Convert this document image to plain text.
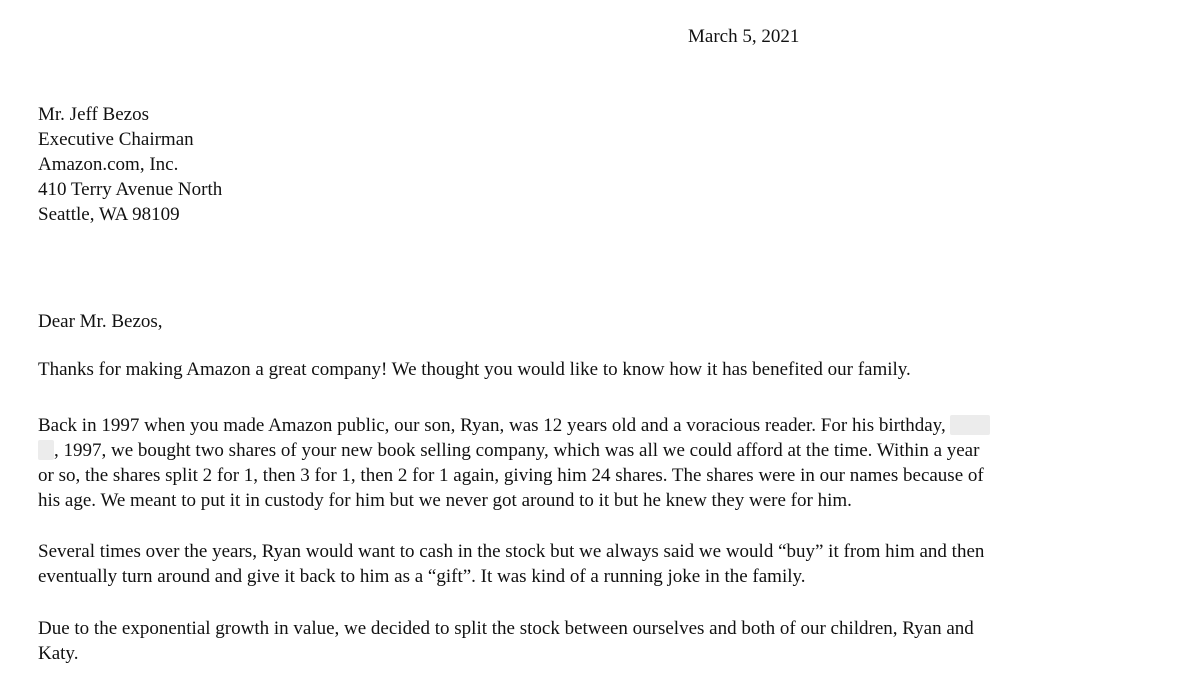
March 5, 2021
Mr. Jeff Bezos
Executive Chairman
Amazon.com, Inc.
410 Terry Avenue North
Seattle, WA 98109
Dear Mr. Bezos,
Thanks for making Amazon a great company! We thought you would like to know how it has benefited our family.
Back in 1997 when you made Amazon public, our son, Ryan, was 12 years old and a voracious reader. For his birthday,
, 1997, we bought two shares of your new book selling company, which was all we could afford at the time. Within a year
or so, the shares split 2 for 1, then 3 for 1, then 2 for 1 again, giving him 24 shares. The shares were in our names because of
his age. We meant to put it in custody for him but we never got around to it but he knew they were for him.
Several times over the years, Ryan would want to cash in the stock but we always said we would “buy” it from him and then
eventually turn around and give it back to him as a “gift”. It was kind of a running joke in the family.
Due to the exponential growth in value, we decided to split the stock between ourselves and both of our children, Ryan and
Katy.
